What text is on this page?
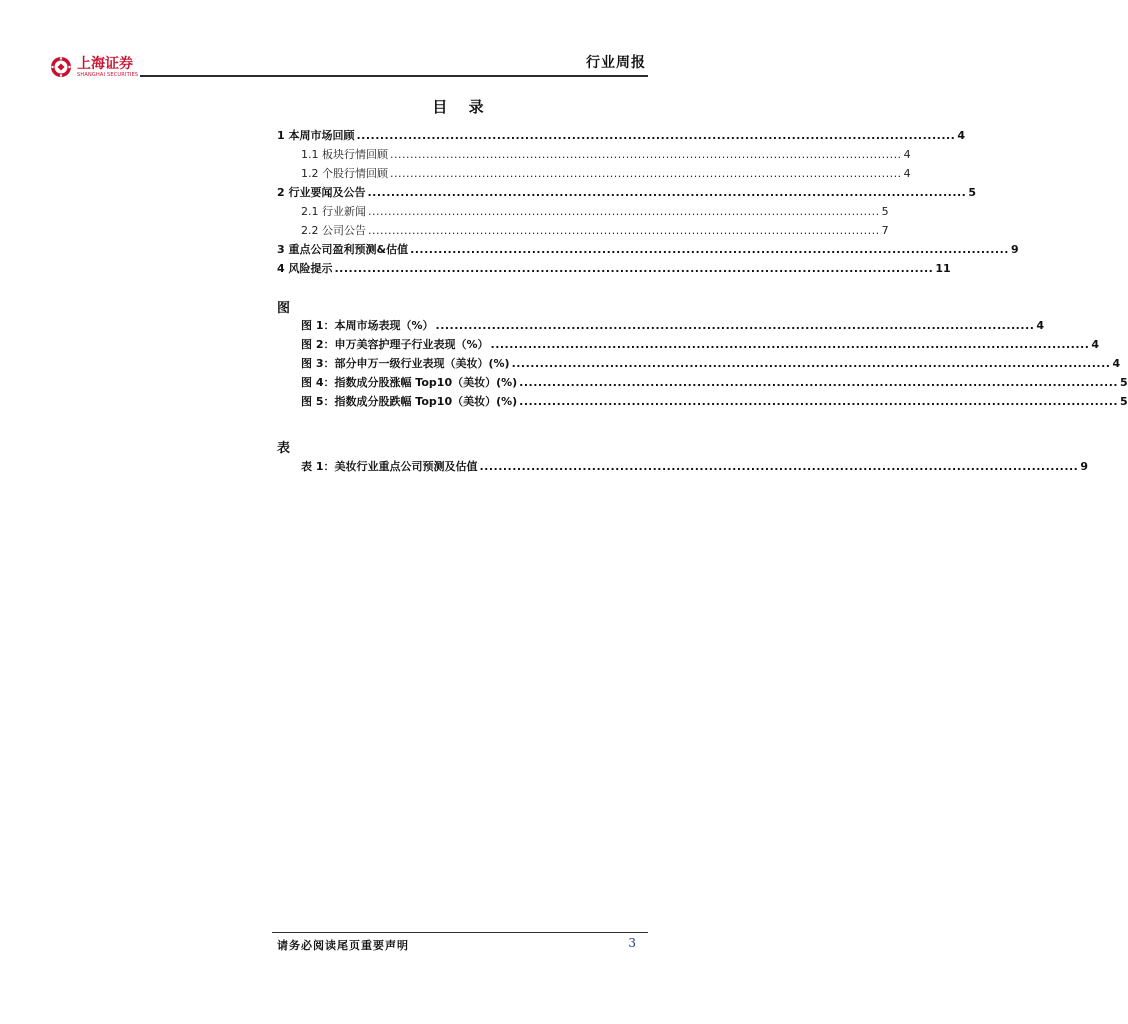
上海证券
SHANGHAI SECURITIES
行业周报
目 录
1 本周市场回顾 ................................................................................................................................ 4
1.1 板块行情回顾 ................................................................................................................................ 4
1.2 个股行情回顾 ................................................................................................................................ 4
2 行业要闻及公告 ................................................................................................................................ 5
2.1 行业新闻 ................................................................................................................................ 5
2.2 公司公告 ................................................................................................................................ 7
3 重点公司盈利预测&估值 ................................................................................................................................ 9
4 风险提示 ................................................................................................................................ 11
图
图 1：本周市场表现（%） ................................................................................................................................ 4
图 2：申万美容护理子行业表现（%） ................................................................................................................................ 4
图 3：部分申万一级行业表现（美妆）(%) ................................................................................................................................ 4
图 4：指数成分股涨幅 Top10（美妆）(%) ................................................................................................................................ 5
图 5：指数成分股跌幅 Top10（美妆）(%) ................................................................................................................................ 5
表
表 1：美妆行业重点公司预测及估值 ................................................................................................................................ 9
请务必阅读尾页重要声明	3
